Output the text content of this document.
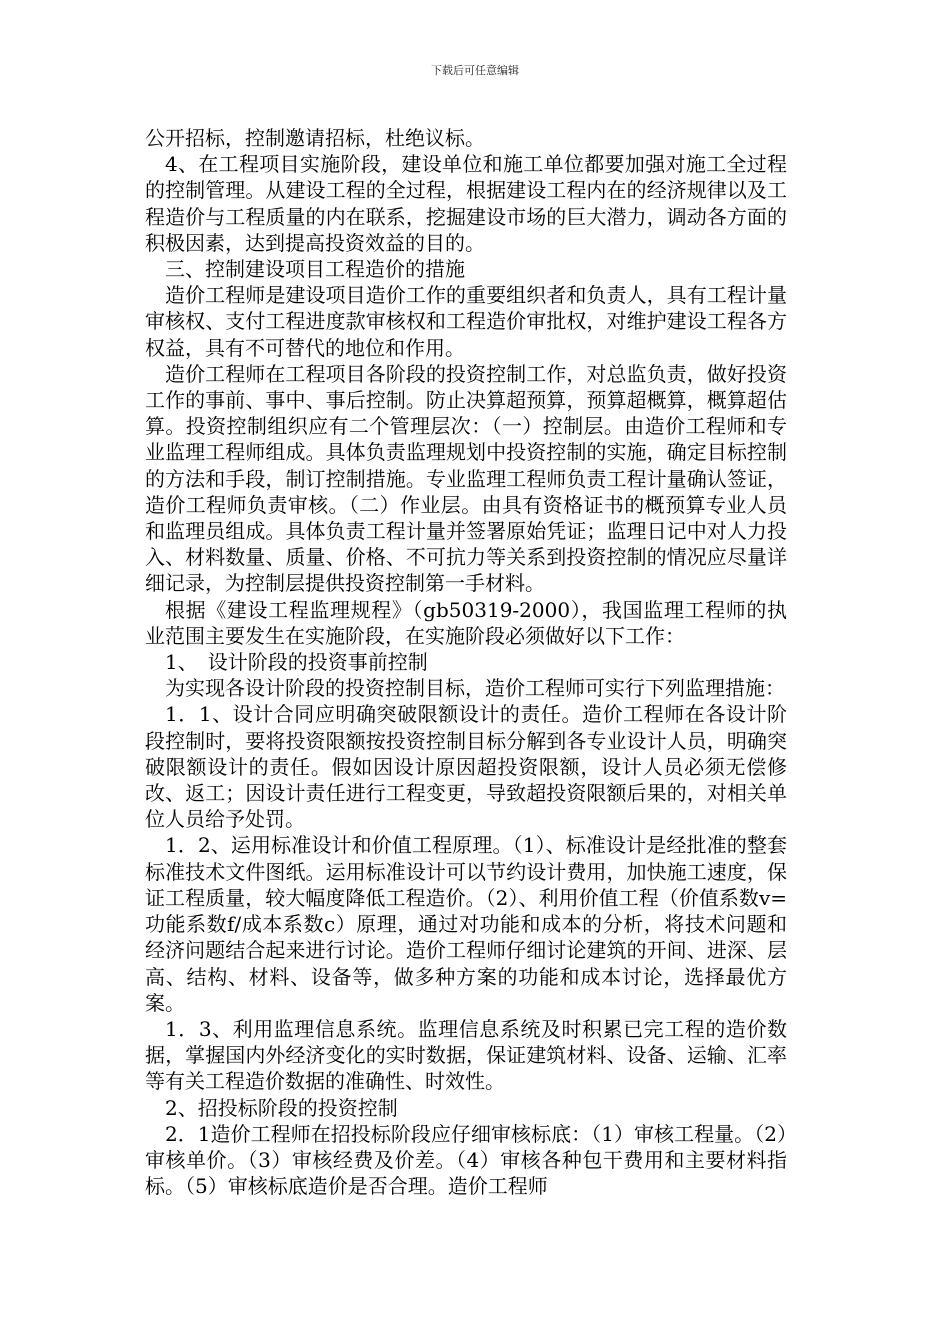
下载后可任意编辑

公开招标，控制邀请招标，杜绝议标。

4、在工程项目实施阶段，建设单位和施工单位都要加强对施工全过程的控制管理。从建设工程的全过程，根据建设工程内在的经济规律以及工程造价与工程质量的内在联系，挖掘建设市场的巨大潜力，调动各方面的积极因素，达到提高投资效益的目的。

三、控制建设项目工程造价的措施

造价工程师是建设项目造价工作的重要组织者和负责人，具有工程计量审核权、支付工程进度款审核权和工程造价审批权，对维护建设工程各方权益，具有不可替代的地位和作用。

造价工程师在工程项目各阶段的投资控制工作，对总监负责，做好投资工作的事前、事中、事后控制。防止决算超预算，预算超概算，概算超估算。投资控制组织应有二个管理层次：（一）控制层。由造价工程师和专业监理工程师组成。具体负责监理规划中投资控制的实施，确定目标控制的方法和手段，制订控制措施。专业监理工程师负责工程计量确认签证，造价工程师负责审核。（二）作业层。由具有资格证书的概预算专业人员和监理员组成。具体负责工程计量并签署原始凭证；监理日记中对人力投入、材料数量、质量、价格、不可抗力等关系到投资控制的情况应尽量详细记录，为控制层提供投资控制第一手材料。

根据《建设工程监理规程》（gb50319-2000），我国监理工程师的执业范围主要发生在实施阶段，在实施阶段必须做好以下工作：

1、　设计阶段的投资事前控制

为实现各设计阶段的投资控制目标，造价工程师可实行下列监理措施：

1．1、设计合同应明确突破限额设计的责任。造价工程师在各设计阶段控制时，要将投资限额按投资控制目标分解到各专业设计人员，明确突破限额设计的责任。假如因设计原因超投资限额，设计人员必须无偿修改、返工；因设计责任进行工程变更，导致超投资限额后果的，对相关单位人员给予处罚。

1．2、运用标准设计和价值工程原理。（1）、标准设计是经批准的整套标准技术文件图纸。运用标准设计可以节约设计费用，加快施工速度，保证工程质量，较大幅度降低工程造价。（2）、利用价值工程（价值系数v=功能系数f/成本系数c）原理，通过对功能和成本的分析，将技术问题和经济问题结合起来进行讨论。造价工程师仔细讨论建筑的开间、进深、层高、结构、材料、设备等，做多种方案的功能和成本讨论，选择最优方案。

1．3、利用监理信息系统。监理信息系统及时积累已完工程的造价数据，掌握国内外经济变化的实时数据，保证建筑材料、设备、运输、汇率等有关工程造价数据的准确性、时效性。

2、招投标阶段的投资控制

2．1造价工程师在招投标阶段应仔细审核标底：（1）审核工程量。（2）审核单价。（3）审核经费及价差。（4）审核各种包干费用和主要材料指标。（5）审核标底造价是否合理。造价工程师
